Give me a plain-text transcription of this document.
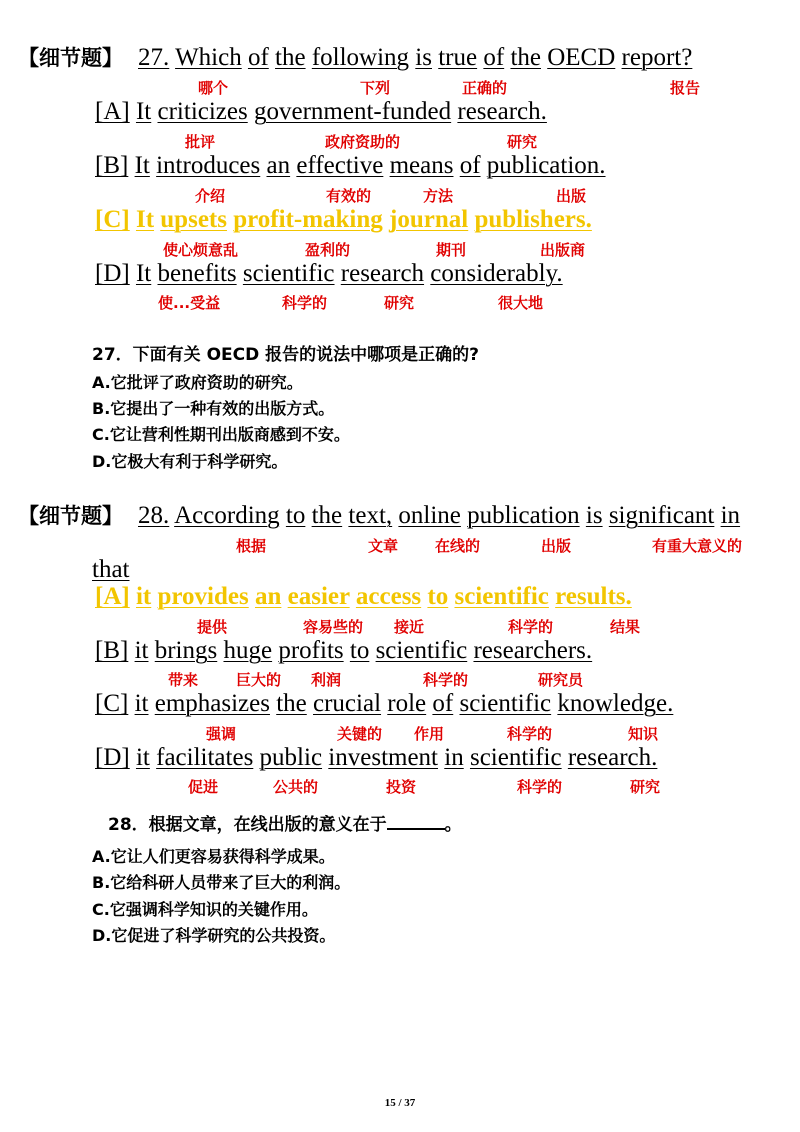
【细节题】 27. Which of the following is true of the OECD report?
哪个	下列	正确的	报告
[A] It criticizes government-funded research.
批评	政府资助的	研究
[B] It introduces an effective means of publication.
介绍	有效的	方法	出版
[C] It upsets profit-making journal publishers.
使心烦意乱	盈利的	期刊	出版商
[D] It benefits scientific research considerably.
使...受益	科学的	研究	很大地
27．下面有关 OECD 报告的说法中哪项是正确的?
A.它批评了政府资助的研究。
B.它提出了一种有效的出版方式。
C.它让营利性期刊出版商感到不安。
D.它极大有利于科学研究。
【细节题】 28. According to the text, online publication is significant in
根据	文章 在线的	出版	有重大意义的
that
[A] it provides an easier access to scientific results.
提供	容易些的 接近	科学的	结果
[B] it brings huge profits to scientific researchers.
带来	巨大的 利润	科学的	研究员
[C] it emphasizes the crucial role of scientific knowledge.
强调	关键的 作用	科学的	知识
[D] it facilitates public investment in scientific research.
促进	公共的	投资	科学的	研究
28．根据文章，在线出版的意义在于	。
A.它让人们更容易获得科学成果。
B.它给科研人员带来了巨大的利润。
C.它强调科学知识的关键作用。
D.它促进了科学研究的公共投资。
15 / 37
